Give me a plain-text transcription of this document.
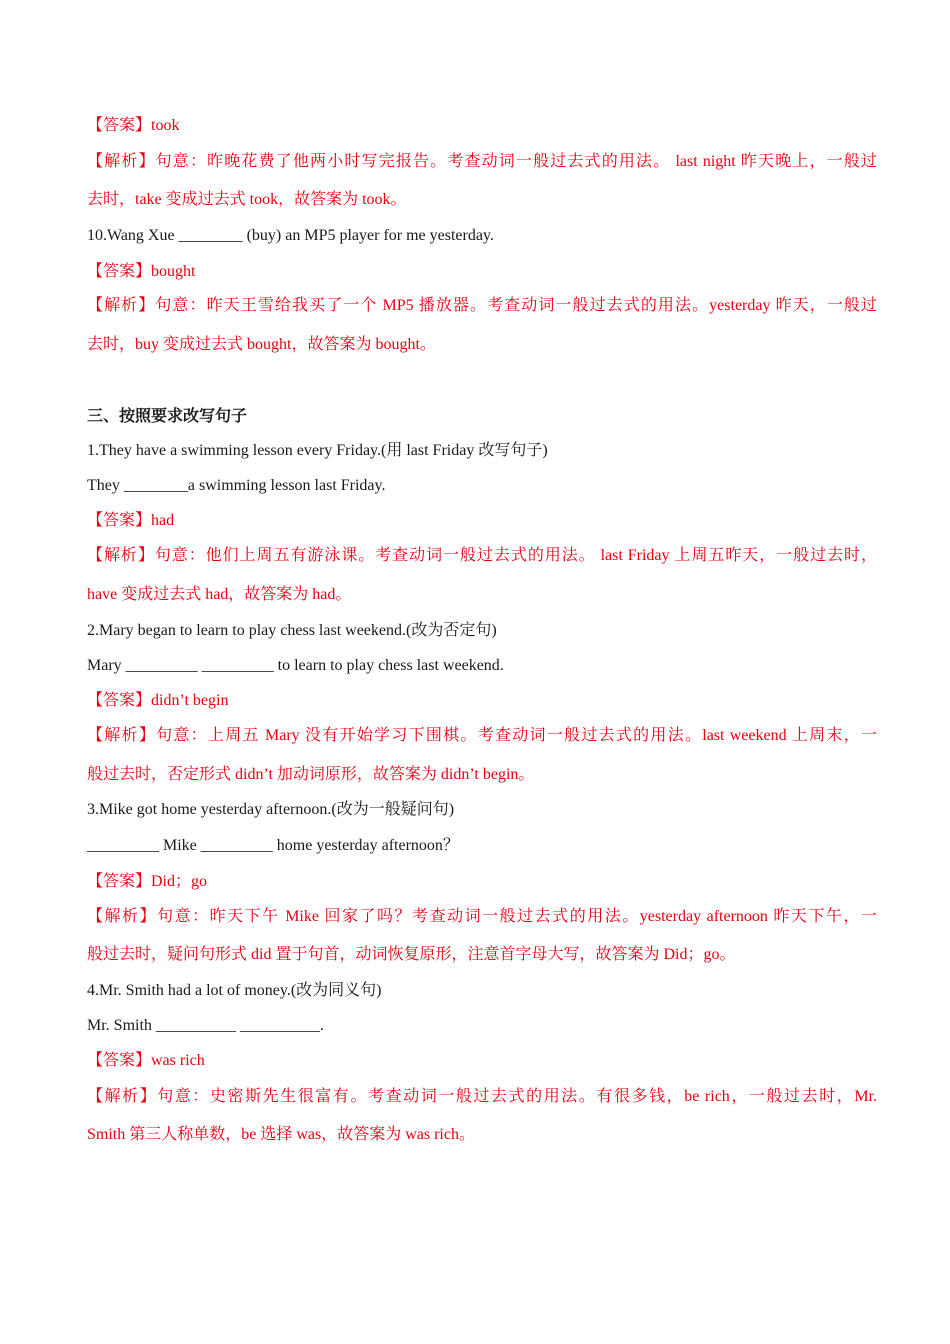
【答案】took
【解析】句意：昨晚花费了他两小时写完报告。考查动词一般过去式的用法。 last night 昨天晚上，一般过
去时，take 变成过去式 took，故答案为 took。
10.Wang Xue ________ (buy) an MP5 player for me yesterday.
【答案】bought
【解析】句意：昨天王雪给我买了一个 MP5 播放器。考查动词一般过去式的用法。yesterday 昨天，一般过
去时，buy 变成过去式 bought，故答案为 bought。
三、按照要求改写句子
1.They have a swimming lesson every Friday.(用 last Friday 改写句子)
They ________a swimming lesson last Friday.
【答案】had
【解析】句意：他们上周五有游泳课。考查动词一般过去式的用法。 last Friday 上周五昨天，一般过去时，
have 变成过去式 had，故答案为 had。
2.Mary began to learn to play chess last weekend.(改为否定句)
Mary _________ _________ to learn to play chess last weekend.
【答案】didn’t begin
【解析】句意：上周五 Mary 没有开始学习下围棋。考查动词一般过去式的用法。last weekend 上周末，一
般过去时，否定形式 didn’t 加动词原形，故答案为 didn’t begin。
3.Mike got home yesterday afternoon.(改为一般疑问句)
_________ Mike _________ home yesterday afternoon？
【答案】Did；go
【解析】句意：昨天下午 Mike 回家了吗？考查动词一般过去式的用法。yesterday afternoon 昨天下午，一
般过去时，疑问句形式 did 置于句首，动词恢复原形，注意首字母大写，故答案为 Did；go。
4.Mr. Smith had a lot of money.(改为同义句)
Mr. Smith __________ __________.
【答案】was rich
【解析】句意：史密斯先生很富有。考查动词一般过去式的用法。有很多钱，be rich，一般过去时，Mr.
Smith 第三人称单数，be 选择 was，故答案为 was rich。
